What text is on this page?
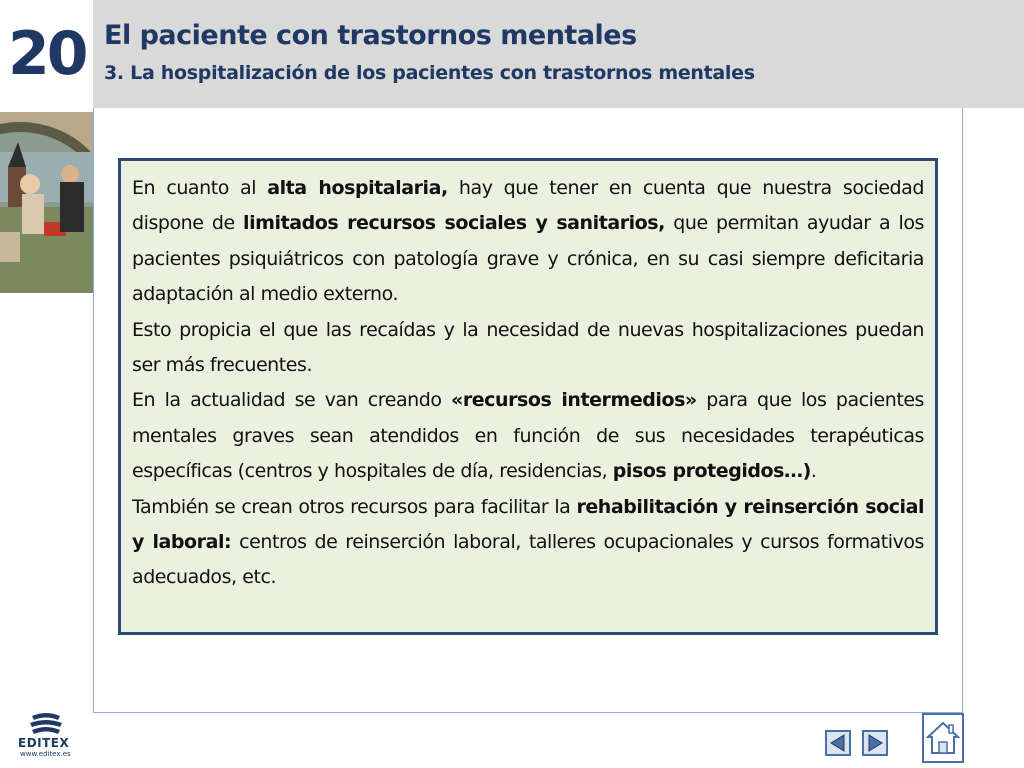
20 El paciente con trastornos mentales
3. La hospitalización de los pacientes con trastornos mentales

En cuanto al alta hospitalaria, hay que tener en cuenta que nuestra sociedad dispone de limitados recursos sociales y sanitarios, que permitan ayudar a los pacientes psiquiátricos con patología grave y crónica, en su casi siempre deficitaria adaptación al medio externo.

Esto propicia el que las recaídas y la necesidad de nuevas hospitalizaciones puedan ser más frecuentes.

En la actualidad se van creando «recursos intermedios» para que los pacientes mentales graves sean atendidos en función de sus necesidades terapéuticas específicas (centros y hospitales de día, residencias, pisos protegidos…).

También se crean otros recursos para facilitar la rehabilitación y reinserción social y laboral: centros de reinserción laboral, talleres ocupacionales y cursos formativos adecuados, etc.

EDITEX
www.editex.es
